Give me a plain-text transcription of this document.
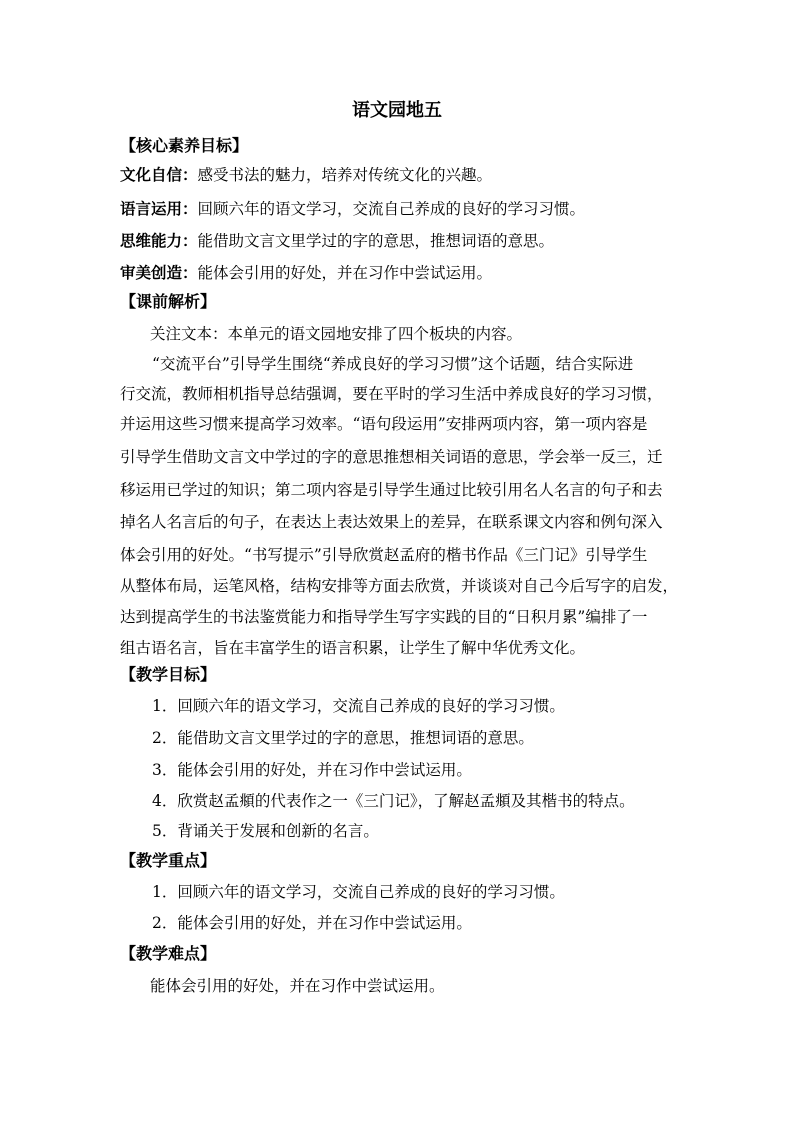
语文园地五
【核心素养目标】
文化自信：感受书法的魅力，培养对传统文化的兴趣。
语言运用：回顾六年的语文学习，交流自己养成的良好的学习习惯。
思维能力：能借助文言文里学过的字的意思，推想词语的意思。
审美创造：能体会引用的好处，并在习作中尝试运用。
【课前解析】
关注文本：本单元的语文园地安排了四个板块的内容。
“交流平台”引导学生围绕“养成良好的学习习惯”这个话题，结合实际进
行交流，教师相机指导总结强调，要在平时的学习生活中养成良好的学习习惯，
并运用这些习惯来提高学习效率。“语句段运用”安排两项内容，第一项内容是
引导学生借助文言文中学过的字的意思推想相关词语的意思，学会举一反三，迁
移运用已学过的知识；第二项内容是引导学生通过比较引用名人名言的句子和去
掉名人名言后的句子，在表达上表达效果上的差异，在联系课文内容和例句深入
体会引用的好处。“书写提示”引导欣赏赵孟府的楷书作品《三门记》引导学生
从整体布局，运笔风格，结构安排等方面去欣赏，并谈谈对自己今后写字的启发，
达到提高学生的书法鉴赏能力和指导学生写字实践的目的“日积月累”编排了一
组古语名言，旨在丰富学生的语言积累，让学生了解中华优秀文化。
【教学目标】
1．回顾六年的语文学习，交流自己养成的良好的学习习惯。
2．能借助文言文里学过的字的意思，推想词语的意思。
3．能体会引用的好处，并在习作中尝试运用。
4．欣赏赵孟頫的代表作之一《三门记》，了解赵孟頫及其楷书的特点。
5．背诵关于发展和创新的名言。
【教学重点】
1．回顾六年的语文学习，交流自己养成的良好的学习习惯。
2．能体会引用的好处，并在习作中尝试运用。
【教学难点】
能体会引用的好处，并在习作中尝试运用。
